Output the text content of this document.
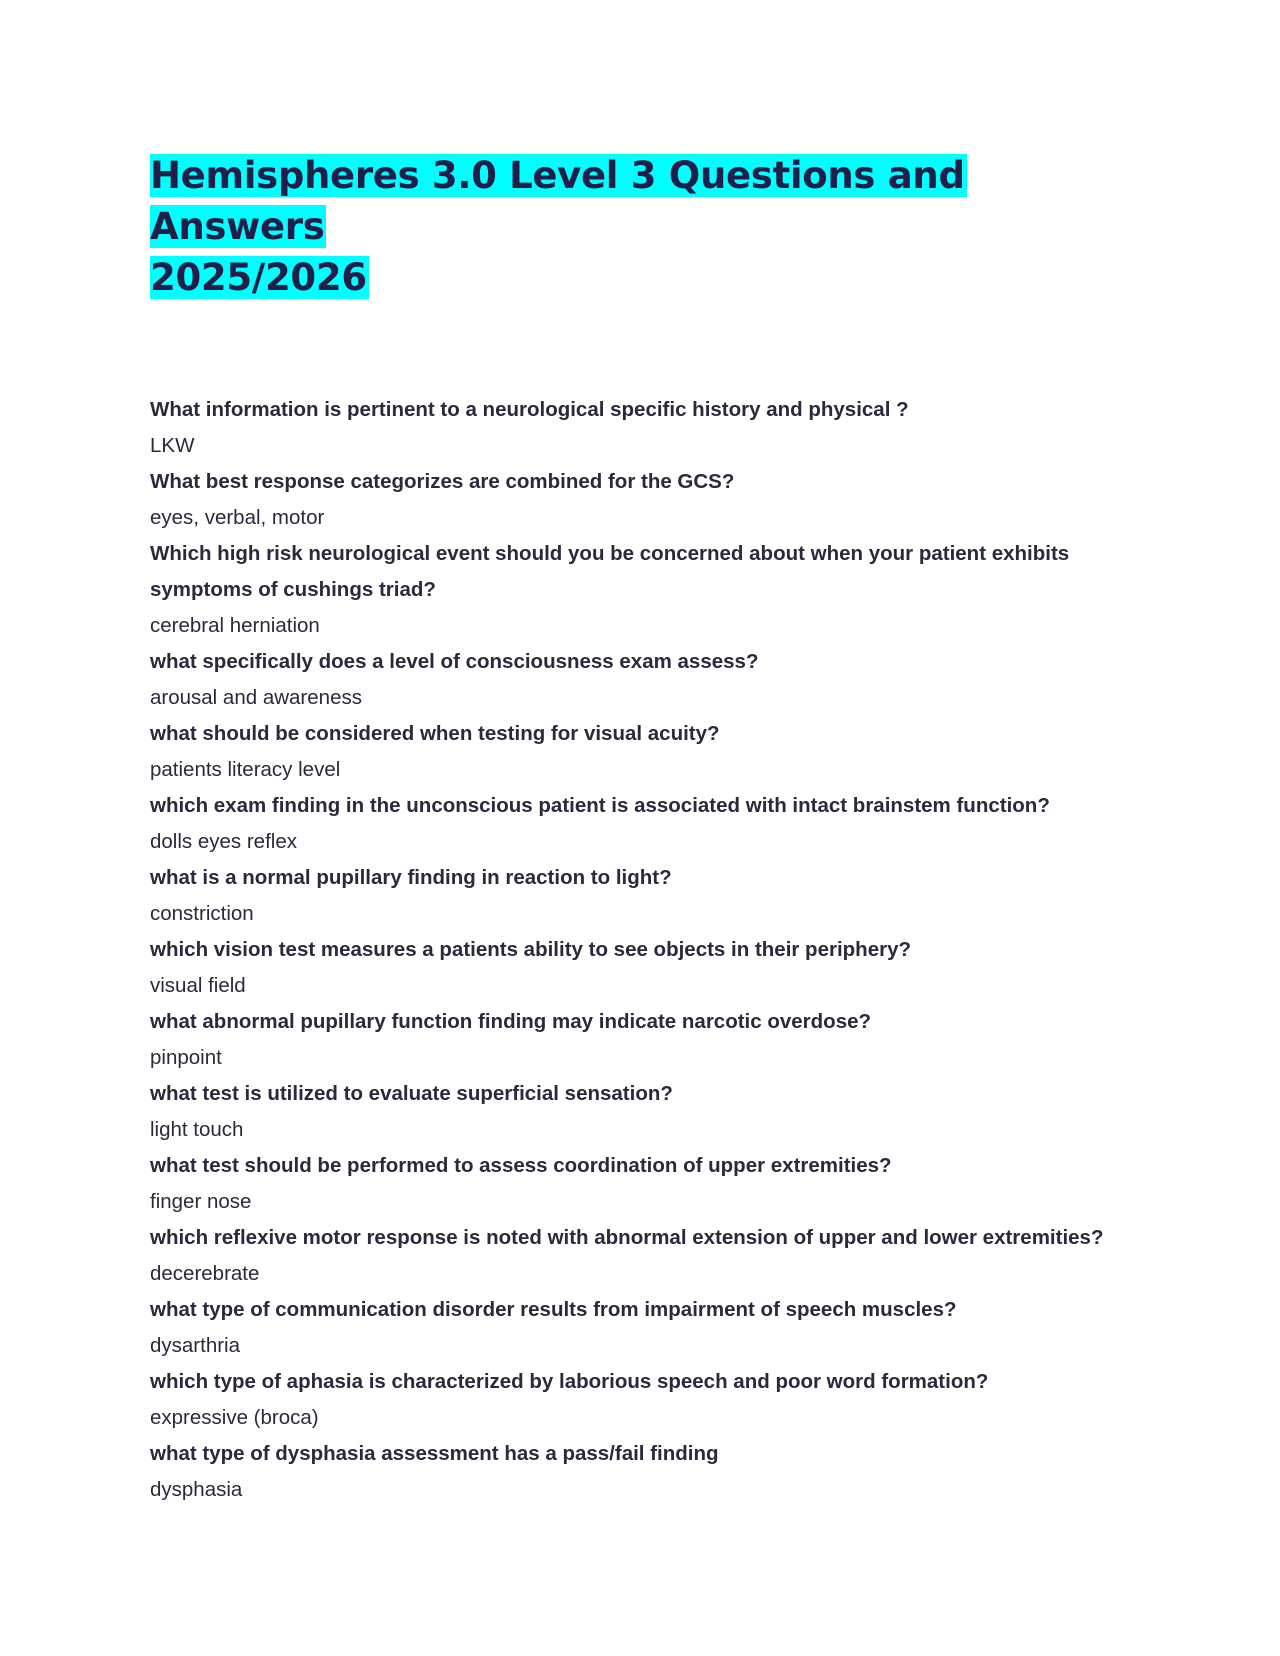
Hemispheres 3.0 Level 3 Questions and Answers
2025/2026

What information is pertinent to a neurological specific history and physical ?

LKW

What best response categorizes are combined for the GCS?

eyes, verbal, motor

Which high risk neurological event should you be concerned about when your patient exhibits symptoms of cushings triad?

cerebral herniation

what specifically does a level of consciousness exam assess?

arousal and awareness

what should be considered when testing for visual acuity?

patients literacy level

which exam finding in the unconscious patient is associated with intact brainstem function?

dolls eyes reflex

what is a normal pupillary finding in reaction to light?

constriction

which vision test measures a patients ability to see objects in their periphery?

visual field

what abnormal pupillary function finding may indicate narcotic overdose?

pinpoint

what test is utilized to evaluate superficial sensation?

light touch

what test should be performed to assess coordination of upper extremities?

finger nose

which reflexive motor response is noted with abnormal extension of upper and lower extremities?

decerebrate

what type of communication disorder results from impairment of speech muscles?

dysarthria

which type of aphasia is characterized by laborious speech and poor word formation?

expressive (broca)

what type of dysphasia assessment has a pass/fail finding

dysphasia
